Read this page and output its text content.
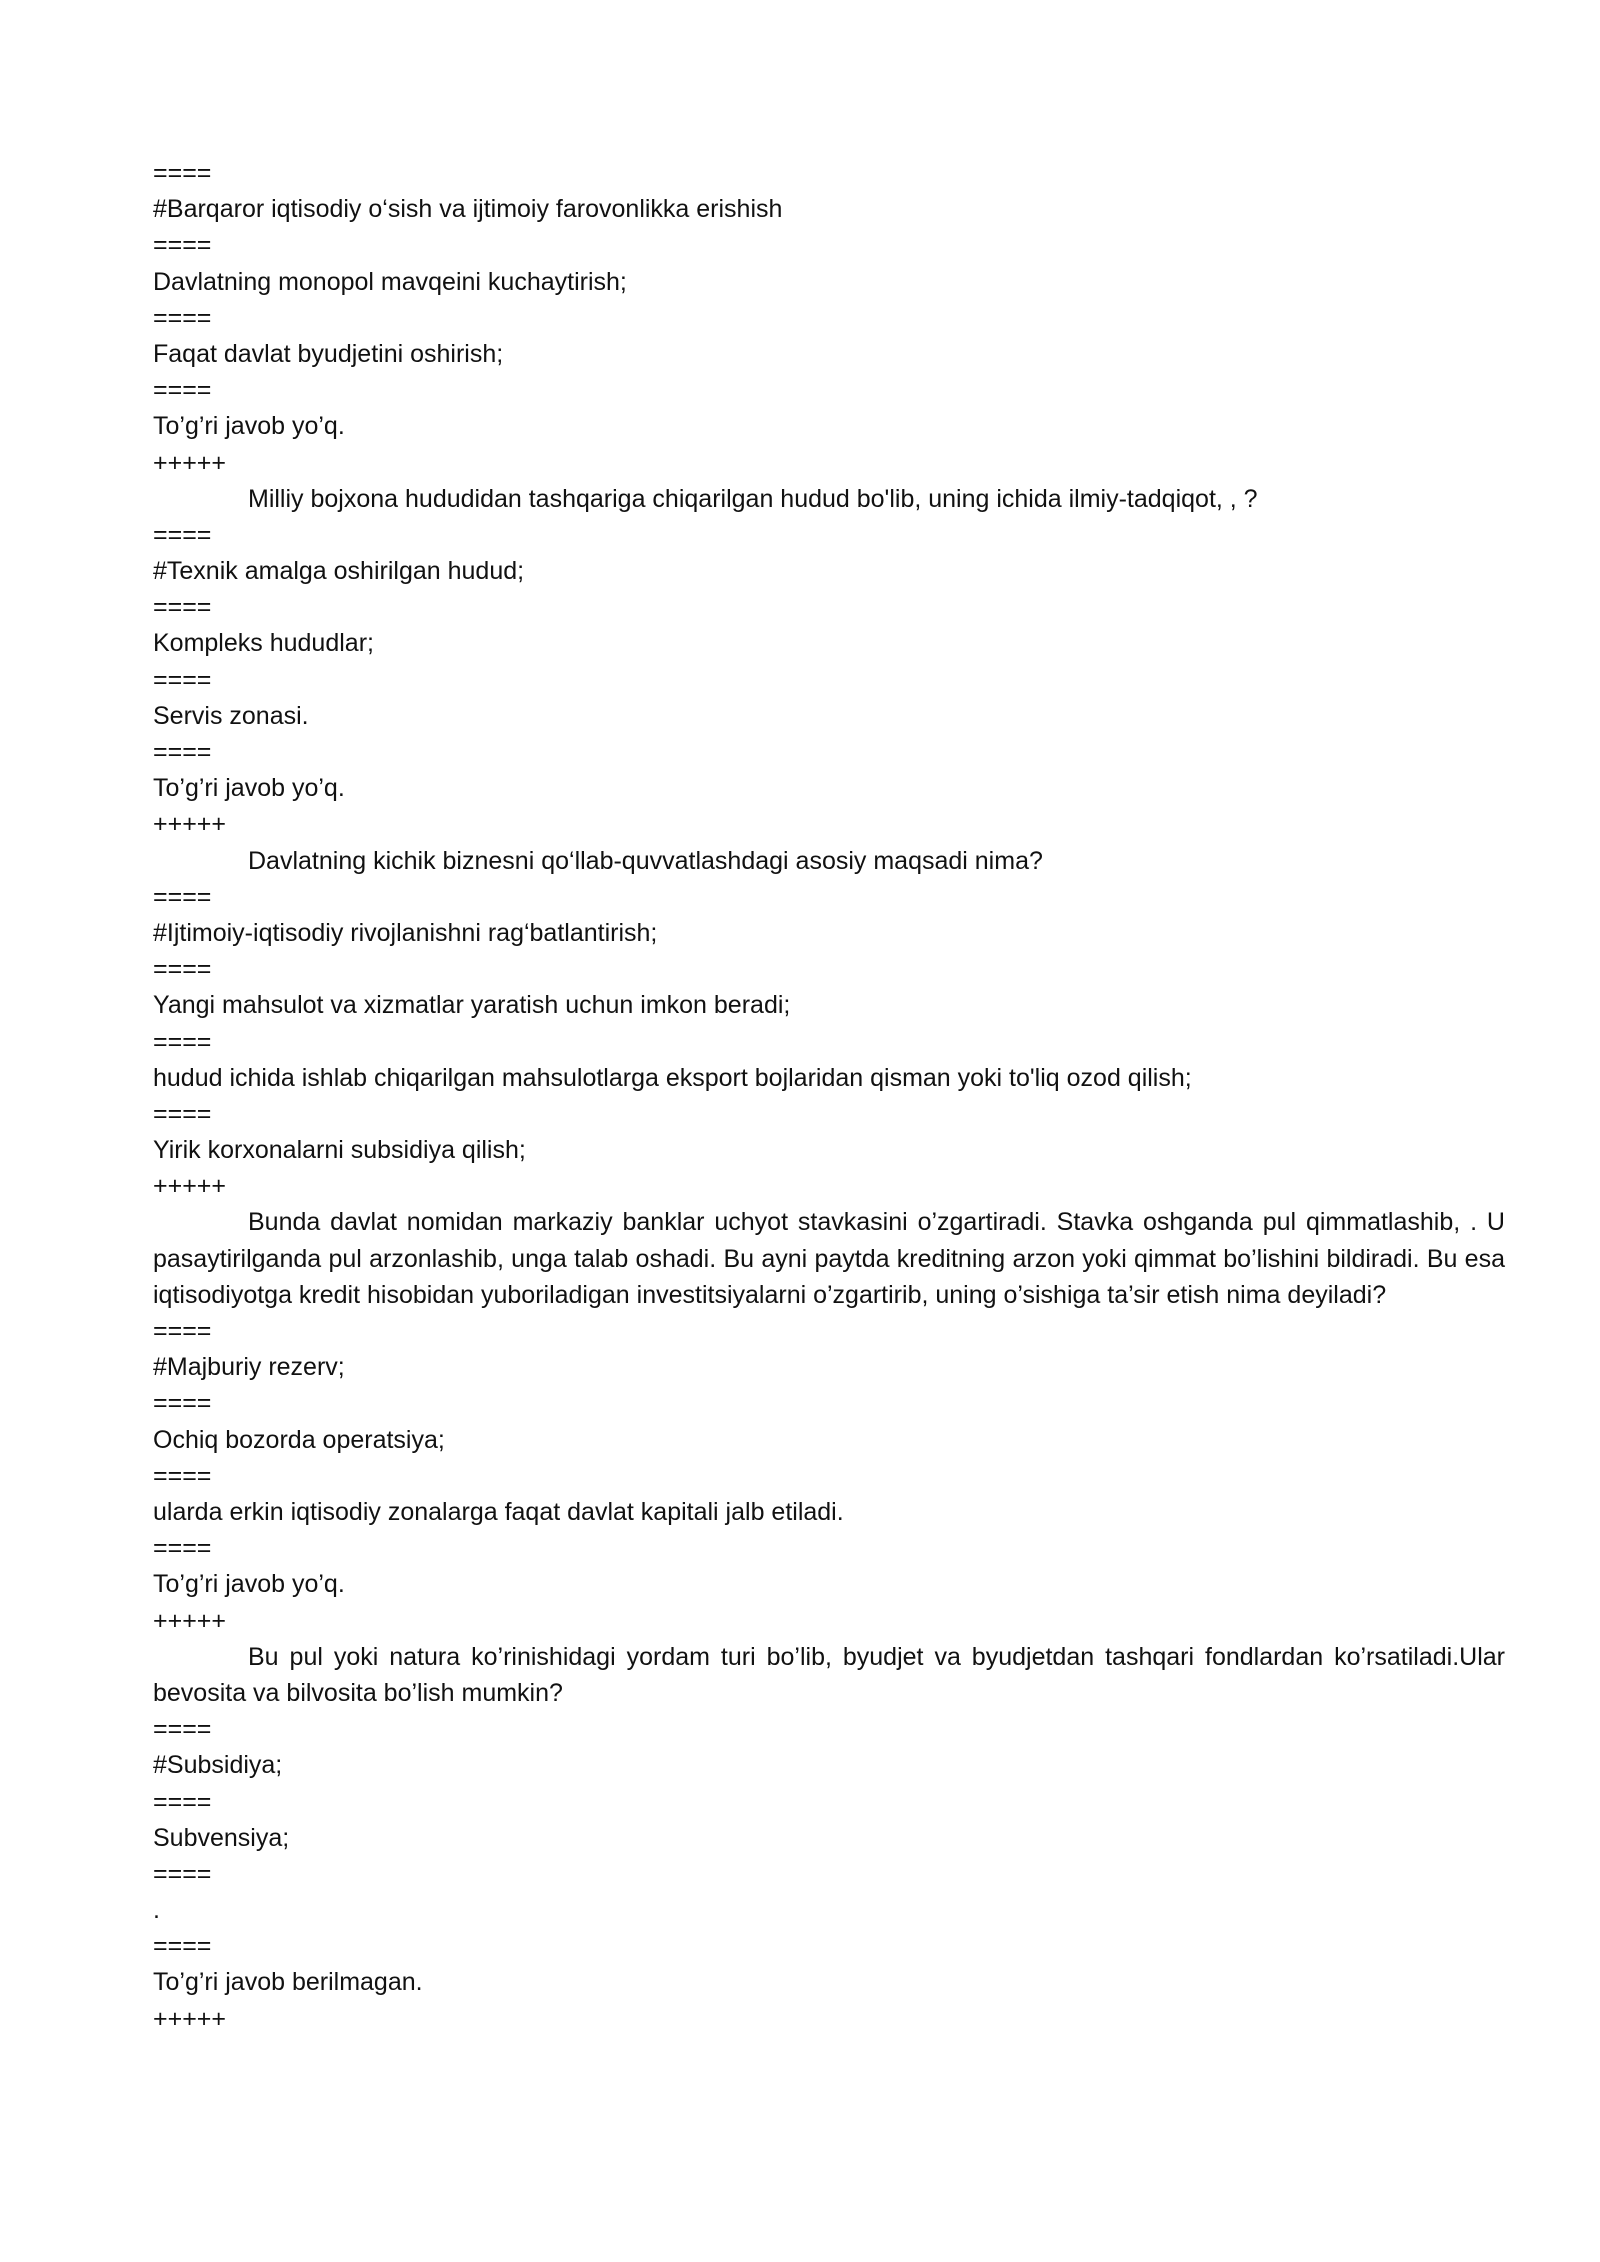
====
#Barqaror iqtisodiy o‘sish va ijtimoiy farovonlikka erishish
====
Davlatning monopol mavqeini kuchaytirish;
====
Faqat davlat byudjetini oshirish;
====
To’g’ri javob yo’q.
+++++
Milliy bojxona hududidan tashqariga chiqarilgan hudud bo'lib, uning ichida ilmiy-tadqiqot, , ?
====
#Texnik amalga oshirilgan hudud;
====
Kompleks hududlar;
====
Servis zonasi.
====
To’g’ri javob yo’q.
+++++
Davlatning kichik biznesni qo‘llab-quvvatlashdagi asosiy maqsadi nima?
====
#Ijtimoiy-iqtisodiy rivojlanishni rag‘batlantirish;
====
Yangi mahsulot va xizmatlar yaratish uchun imkon beradi;
====
hudud ichida ishlab chiqarilgan mahsulotlarga eksport bojlaridan qisman yoki to'liq ozod qilish;
====
Yirik korxonalarni subsidiya qilish;
+++++
Bunda davlat nomidan markaziy banklar uchyot stavkasini o’zgartiradi. Stavka oshganda pul qimmatlashib, . U pasaytirilganda pul arzonlashib, unga talab oshadi. Bu ayni paytda kreditning arzon yoki qimmat bo’lishini bildiradi. Bu esa iqtisodiyotga kredit hisobidan yuboriladigan investitsiyalarni o’zgartirib, uning o’sishiga ta’sir etish nima deyiladi?
====
#Majburiy rezerv;
====
Ochiq bozorda operatsiya;
====
ularda erkin iqtisodiy zonalarga faqat davlat kapitali jalb etiladi.
====
To’g’ri javob yo’q.
+++++
Bu pul yoki natura ko’rinishidagi yordam turi bo’lib, byudjet va byudjetdan tashqari fondlardan ko’rsatiladi.Ular bevosita va bilvosita bo’lish mumkin?
====
#Subsidiya;
====
Subvensiya;
====
.
====
To’g’ri javob berilmagan.
+++++
